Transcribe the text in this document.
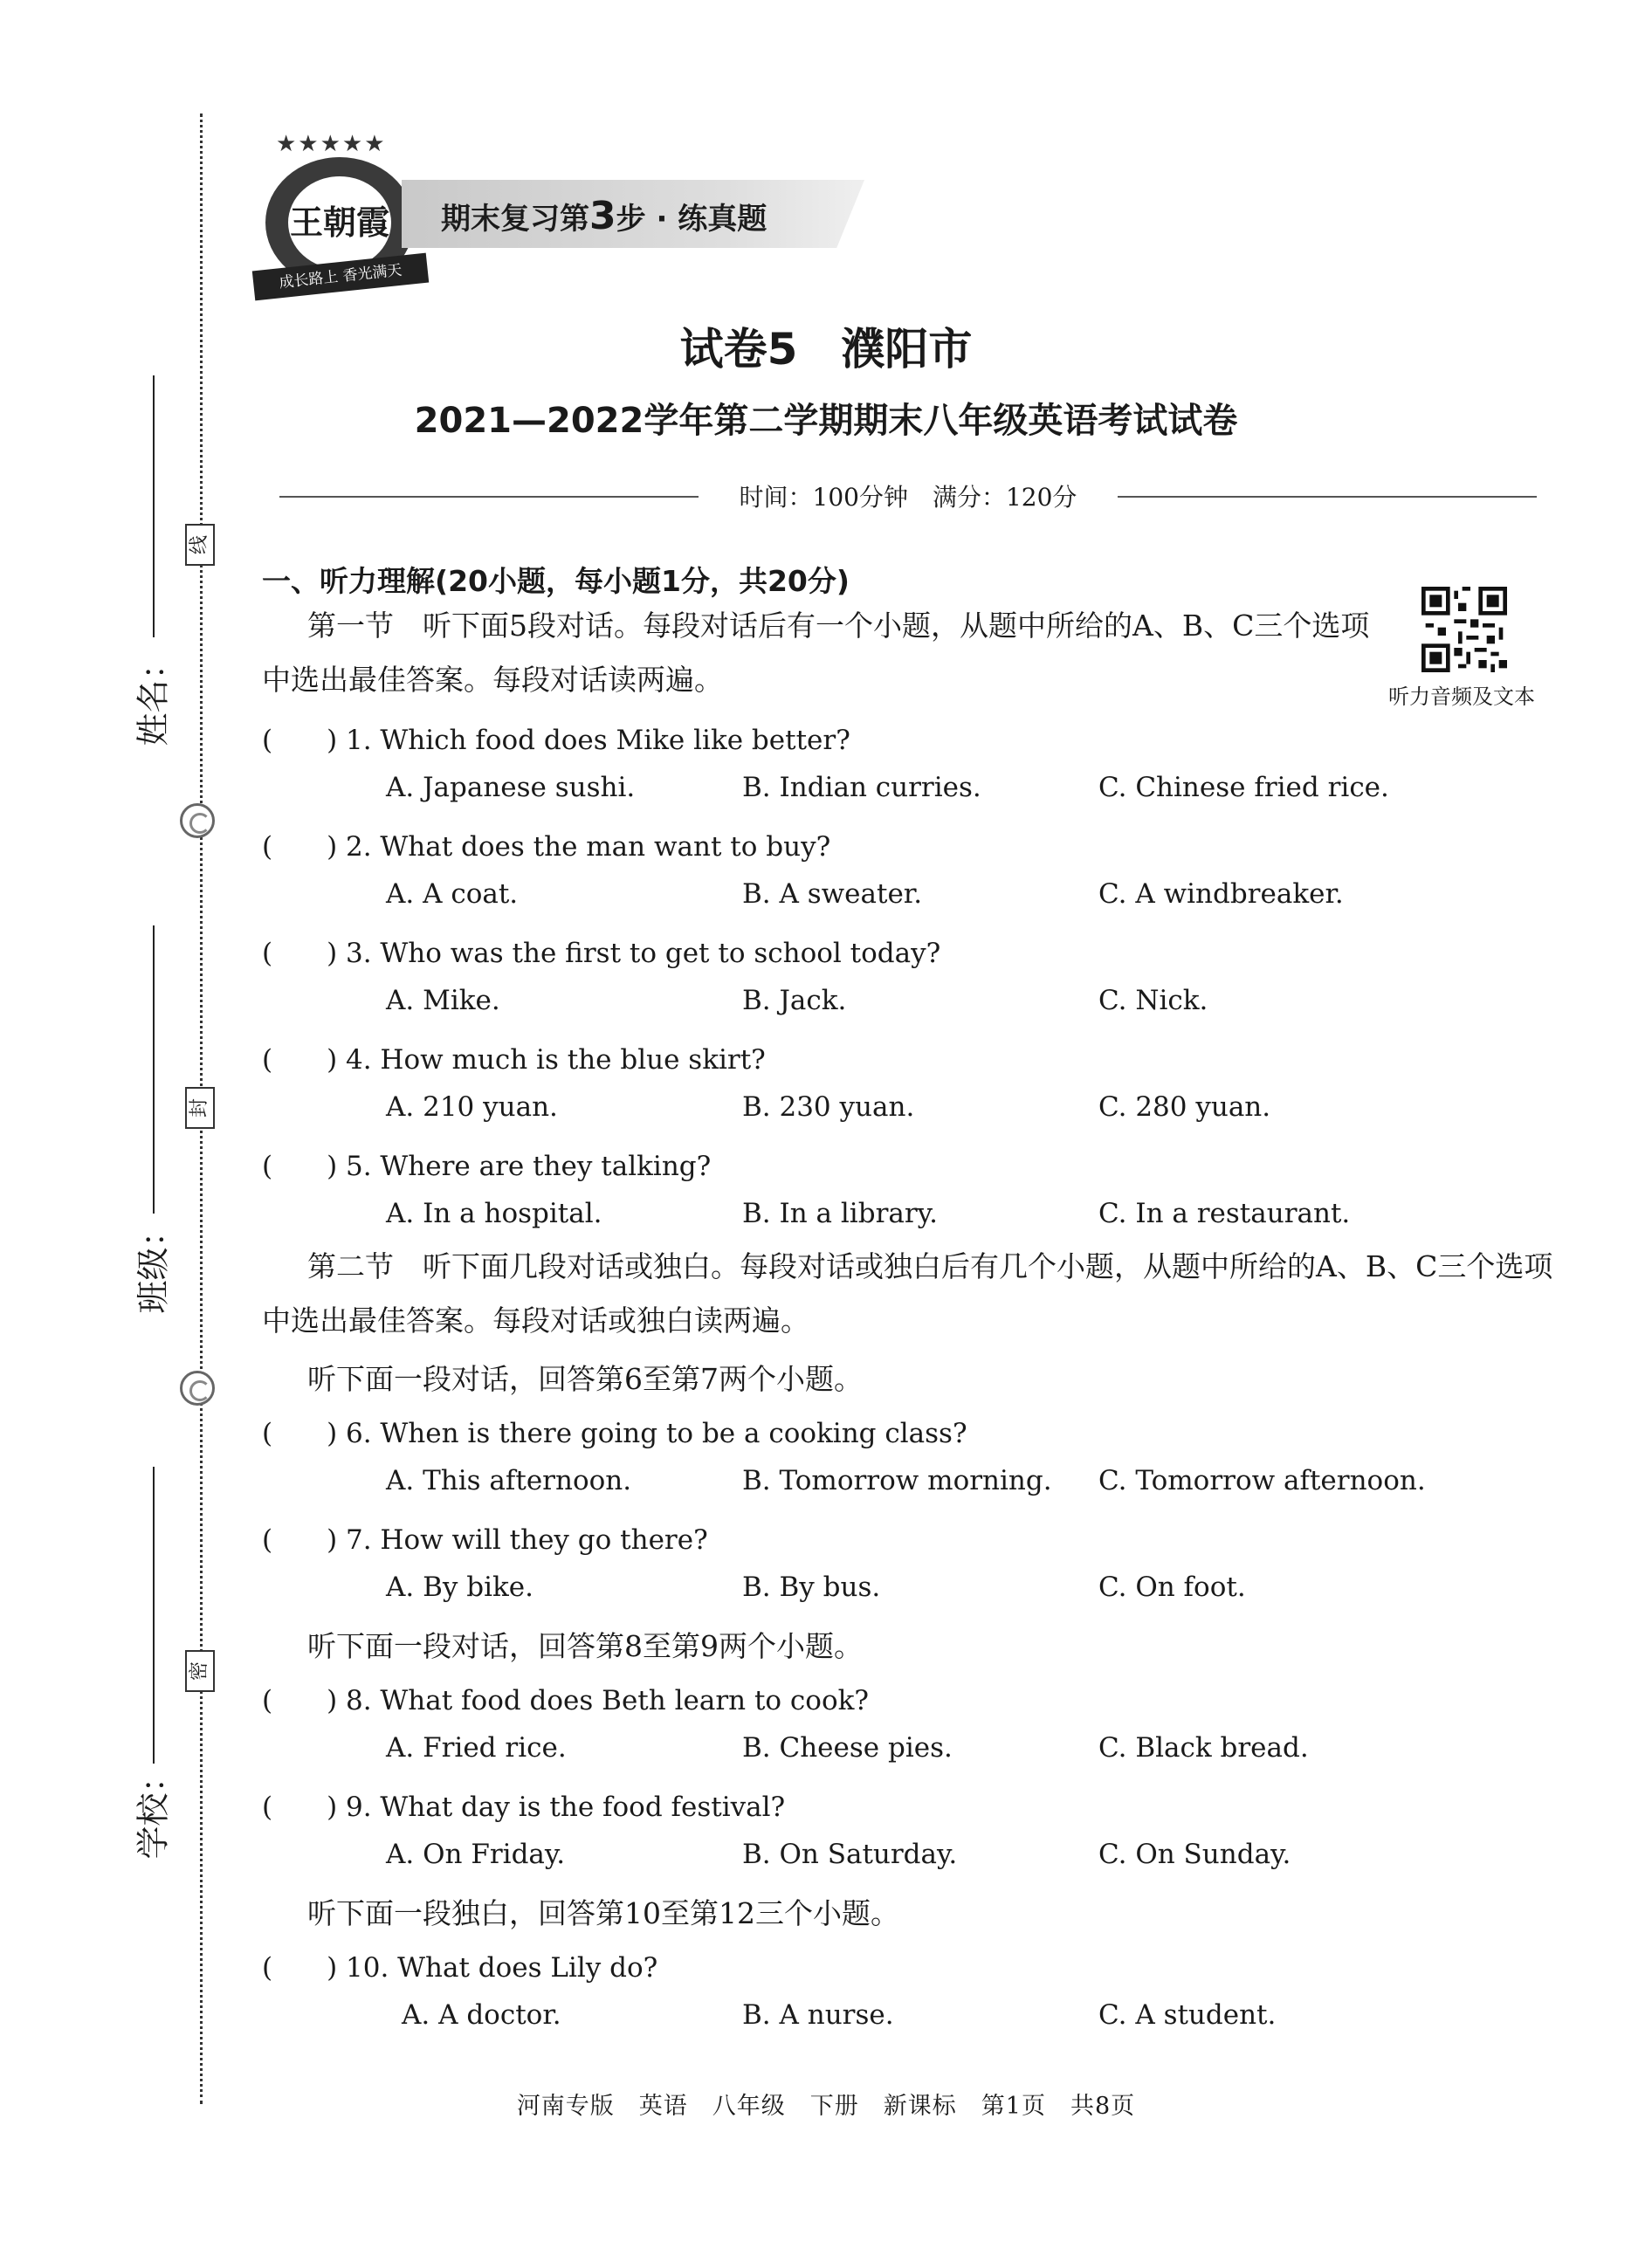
姓名：
班级：
学校：
线
封
密
★★★★★
王朝霞
成长路上 香光满天
期末复习第3步 · 练真题
试卷5　濮阳市
2021—2022学年第二学期期末八年级英语考试试卷
时间：100分钟　满分：120分
一、听力理解(20小题，每小题1分，共20分)
听力音频及文本
第一节　听下面5段对话。每段对话后有一个小题，从题中所给的A、B、C三个选项中选出最佳答案。每段对话读两遍。
(　　) 1. Which food does Mike like better?
A. Japanese sushi.	B. Indian curries.	C. Chinese fried rice.
(　　) 2. What does the man want to buy?
A. A coat.	B. A sweater.	C. A windbreaker.
(　　) 3. Who was the first to get to school today?
A. Mike.	B. Jack.	C. Nick.
(　　) 4. How much is the blue skirt?
A. 210 yuan.	B. 230 yuan.	C. 280 yuan.
(　　) 5. Where are they talking?
A. In a hospital.	B. In a library.	C. In a restaurant.
第二节　听下面几段对话或独白。每段对话或独白后有几个小题，从题中所给的A、B、C三个选项中选出最佳答案。每段对话或独白读两遍。
听下面一段对话，回答第6至第7两个小题。
(　　) 6. When is there going to be a cooking class?
A. This afternoon.	B. Tomorrow morning. C. Tomorrow afternoon.
(　　) 7. How will they go there?
A. By bike.	B. By bus.	C. On foot.
听下面一段对话，回答第8至第9两个小题。
(　　) 8. What food does Beth learn to cook?
A. Fried rice.	B. Cheese pies.	C. Black bread.
(　　) 9. What day is the food festival?
A. On Friday.	B. On Saturday.	C. On Sunday.
听下面一段独白，回答第10至第12三个小题。
(　　) 10. What does Lily do?
A. A doctor.	B. A nurse.	C. A student.
河南专版　英语　八年级　下册　新课标　第1页　共8页
